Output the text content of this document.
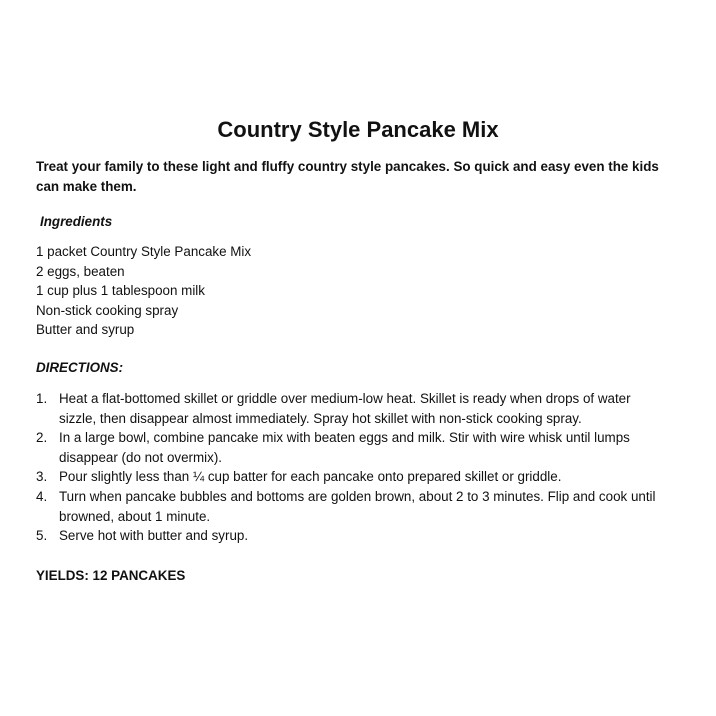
Country Style Pancake Mix

Treat your family to these light and fluffy country style pancakes. So quick and easy even the kids can make them.

Ingredients
1 packet Country Style Pancake Mix
2 eggs, beaten
1 cup plus 1 tablespoon milk
Non-stick cooking spray
Butter and syrup
DIRECTIONS:
1. Heat a flat-bottomed skillet or griddle over medium-low heat. Skillet is ready when drops of water sizzle, then disappear almost immediately. Spray hot skillet with non-stick cooking spray.
2. In a large bowl, combine pancake mix with beaten eggs and milk. Stir with wire whisk until lumps disappear (do not overmix).
3. Pour slightly less than ¼ cup batter for each pancake onto prepared skillet or griddle.
4. Turn when pancake bubbles and bottoms are golden brown, about 2 to 3 minutes. Flip and cook until browned, about 1 minute.
5. Serve hot with butter and syrup.

YIELDS: 12 PANCAKES
